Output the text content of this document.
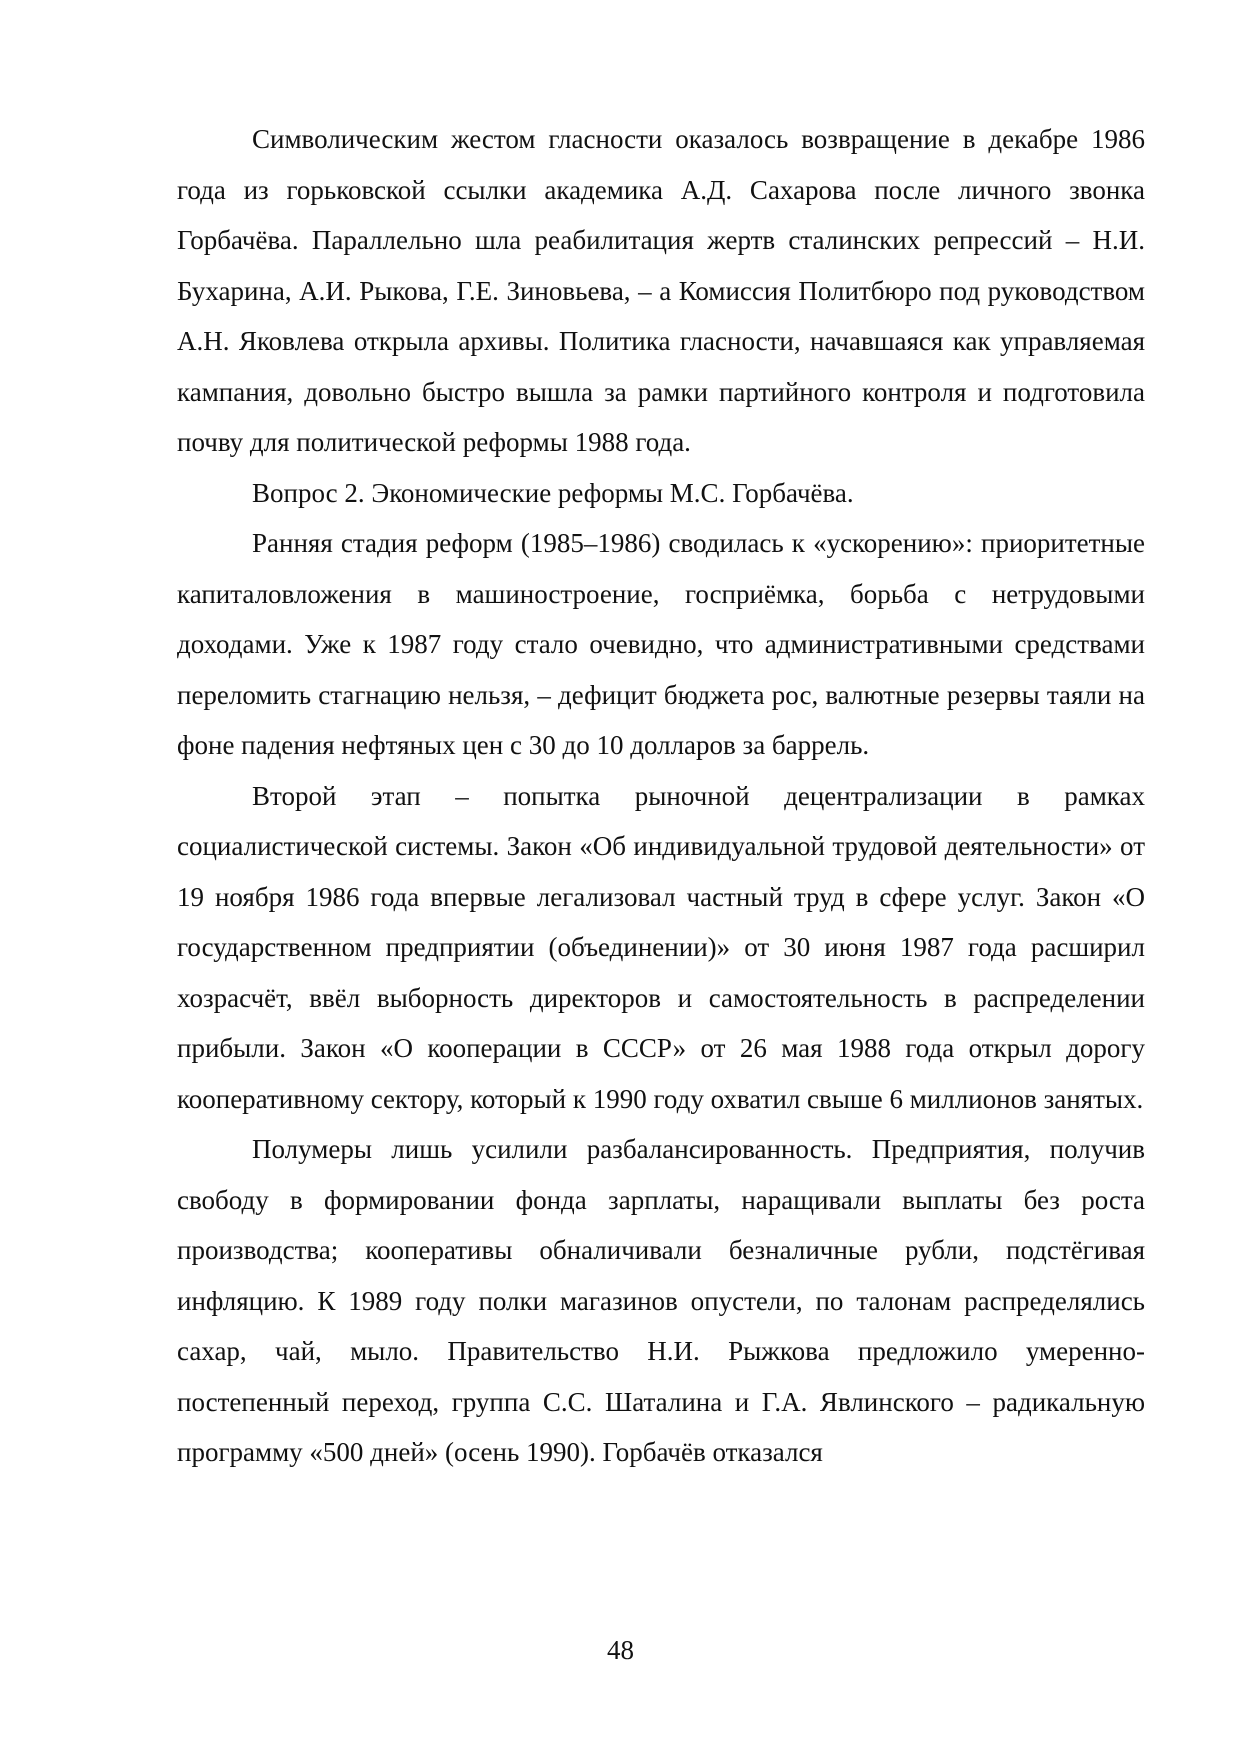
Символическим жестом гласности оказалось возвращение в декабре 1986 года из горьковской ссылки академика А.Д. Сахарова после личного звонка Горбачёва. Параллельно шла реабилитация жертв сталинских репрессий – Н.И. Бухарина, А.И. Рыкова, Г.Е. Зиновьева, – а Комиссия Политбюро под руководством А.Н. Яковлева открыла архивы. Политика гласности, начавшаяся как управляемая кампания, довольно быстро вышла за рамки партийного контроля и подготовила почву для политической реформы 1988 года.

Вопрос 2. Экономические реформы М.С. Горбачёва.

Ранняя стадия реформ (1985–1986) сводилась к «ускорению»: приоритетные капиталовложения в машиностроение, госприёмка, борьба с нетрудовыми доходами. Уже к 1987 году стало очевидно, что административными средствами переломить стагнацию нельзя, – дефицит бюджета рос, валютные резервы таяли на фоне падения нефтяных цен с 30 до 10 долларов за баррель.

Второй этап – попытка рыночной децентрализации в рамках социалистической системы. Закон «Об индивидуальной трудовой деятельности» от 19 ноября 1986 года впервые легализовал частный труд в сфере услуг. Закон «О государственном предприятии (объединении)» от 30 июня 1987 года расширил хозрасчёт, ввёл выборность директоров и самостоятельность в распределении прибыли. Закон «О кооперации в СССР» от 26 мая 1988 года открыл дорогу кооперативному сектору, который к 1990 году охватил свыше 6 миллионов занятых.

Полумеры лишь усилили разбалансированность. Предприятия, получив свободу в формировании фонда зарплаты, наращивали выплаты без роста производства; кооперативы обналичивали безналичные рубли, подстёгивая инфляцию. К 1989 году полки магазинов опустели, по талонам распределялись сахар, чай, мыло. Правительство Н.И. Рыжкова предложило умеренно-постепенный переход, группа С.С. Шаталина и Г.А. Явлинского – радикальную программу «500 дней» (осень 1990). Горбачёв отказался

48
